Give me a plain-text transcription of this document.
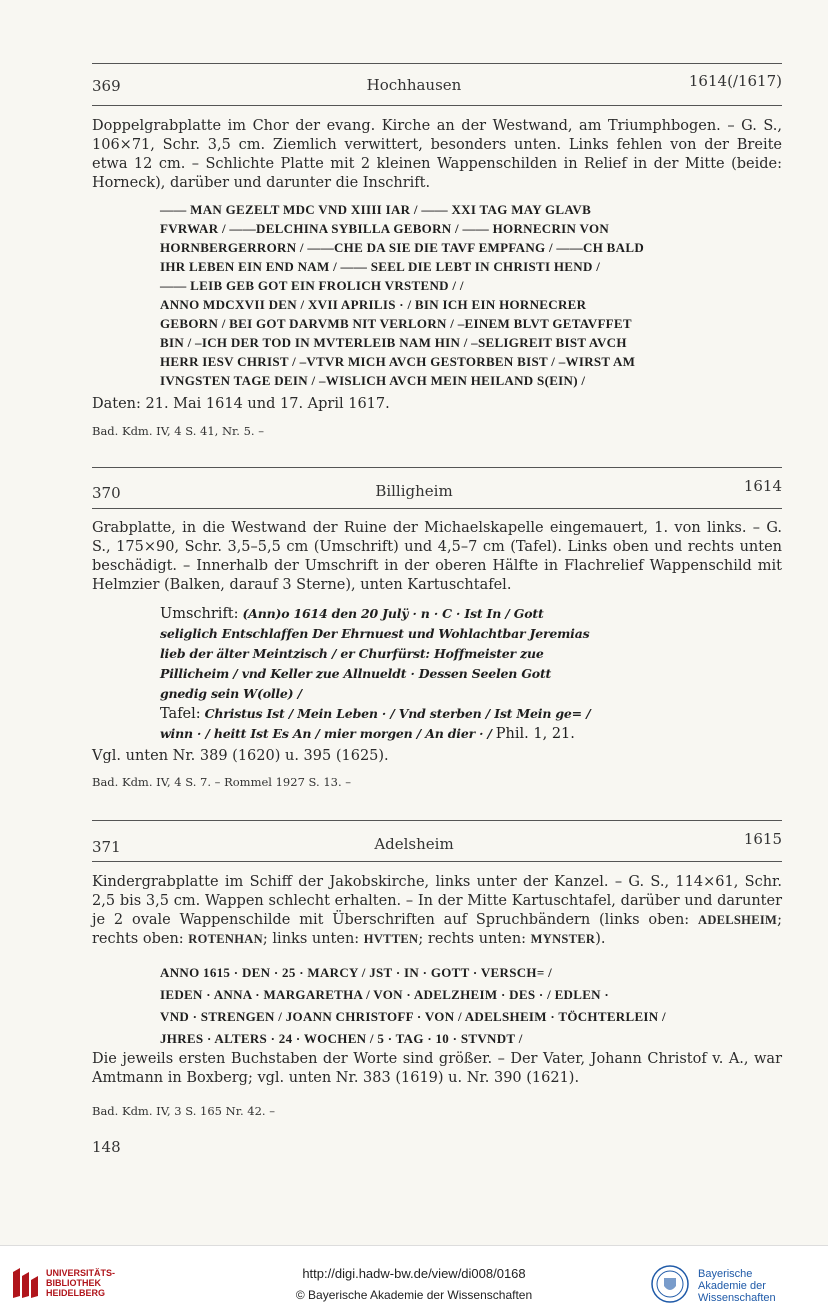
369	Hochhausen	1614(/1617)

Doppelgrabplatte im Chor der evang. Kirche an der Westwand, am Triumphbogen. – G. S., 106×71, Schr. 3,5 cm. Ziemlich verwittert, besonders unten. Links fehlen von der Breite etwa 12 cm. – Schlichte Platte mit 2 kleinen Wappenschilden in Relief in der Mitte (beide: Horneck), darüber und darunter die Inschrift.

—— MAN GEZELT MDC VND XIIII IAR / —— XXI TAG MAY GLAVB
FVRWAR / ——DELCHINA SYBILLA GEBORN / —— HORNECRIN VON
HORNBERGERRORN / ——CHE DA SIE DIE TAVF EMPFANG / ——CH BALD
IHR LEBEN EIN END NAM / —— SEEL DIE LEBT IN CHRISTI HEND /
—— LEIB GEB GOT EIN FROLICH VRSTEND / /
ANNO MDCXVII DEN / XVII APRILIS · / BIN ICH EIN HORNECRER
GEBORN / BEI GOT DARVMB NIT VERLORN / –EINEM BLVT GETAVFFET
BIN / –ICH DER TOD IN MVTERLEIB NAM HIN / –SELIGREIT BIST AVCH
HERR IESV CHRIST / –VTVR MICH AVCH GESTORBEN BIST / –WIRST AM
IVNGSTEN TAGE DEIN / –WISLICH AVCH MEIN HEILAND S(EIN) /

Daten: 21. Mai 1614 und 17. April 1617.

Bad. Kdm. IV, 4 S. 41, Nr. 5. –
370	Billigheim	1614

Grabplatte, in die Westwand der Ruine der Michaelskapelle eingemauert, 1. von links. – G. S., 175×90, Schr. 3,5–5,5 cm (Umschrift) und 4,5–7 cm (Tafel). Links oben und rechts unten beschädigt. – Innerhalb der Umschrift in der oberen Hälfte in Flachrelief Wappenschild mit Helmzier (Balken, darauf 3 Sterne), unten Kartuschtafel.

Umschrift: (Ann)o 1614 den 20 Julÿ · n · C · Ist In / Gott
seliglich Entschlaffen Der Ehrnuest und Wohlachtbar Jeremias
lieb der älter Meintzisch / er Churfürst: Hoffmeister zue
Pillicheim / vnd Keller zue Allnueldt · Dessen Seelen Gott
gnedig sein W(olle) /
Tafel: Christus Ist / Mein Leben · / Vnd sterben / Ist Mein ge= /
winn · / heitt Ist Es An / mier morgen / An dier · / Phil. 1, 21.

Vgl. unten Nr. 389 (1620) u. 395 (1625).

Bad. Kdm. IV, 4 S. 7. – Rommel 1927 S. 13. –
371	Adelsheim	1615

Kindergrabplatte im Schiff der Jakobskirche, links unter der Kanzel. – G. S., 114×61, Schr. 2,5 bis 3,5 cm. Wappen schlecht erhalten. – In der Mitte Kartuschtafel, darüber und darunter je 2 ovale Wappenschilde mit Überschriften auf Spruchbändern (links oben: ADELSHEIM; rechts oben: ROTENHAN; links unten: HVTTEN; rechts unten: MYNSTER).

ANNO 1615 · DEN · 25 · MARCY / JST · IN · GOTT · VERSCH= /
IEDEN · ANNA · MARGARETHA / VON · ADELZHEIM · DES · / EDLEN ·
VND · STRENGEN / JOANN CHRISTOFF · VON / ADELSHEIM · TÖCHTERLEIN /
JHRES · ALTERS · 24 · WOCHEN / 5 · TAG · 10 · STVNDT /

Die jeweils ersten Buchstaben der Worte sind größer. – Der Vater, Johann Christof v. A., war Amtmann in Boxberg; vgl. unten Nr. 383 (1619) u. Nr. 390 (1621).

Bad. Kdm. IV, 3 S. 165 Nr. 42. –
148
UNIVERSITÄTS-
BIBLIOTHEK
HEIDELBERG
http://digi.hadw-bw.de/view/di008/0168
© Bayerische Akademie der Wissenschaften
Bayerische
Akademie der Wissenschaften
